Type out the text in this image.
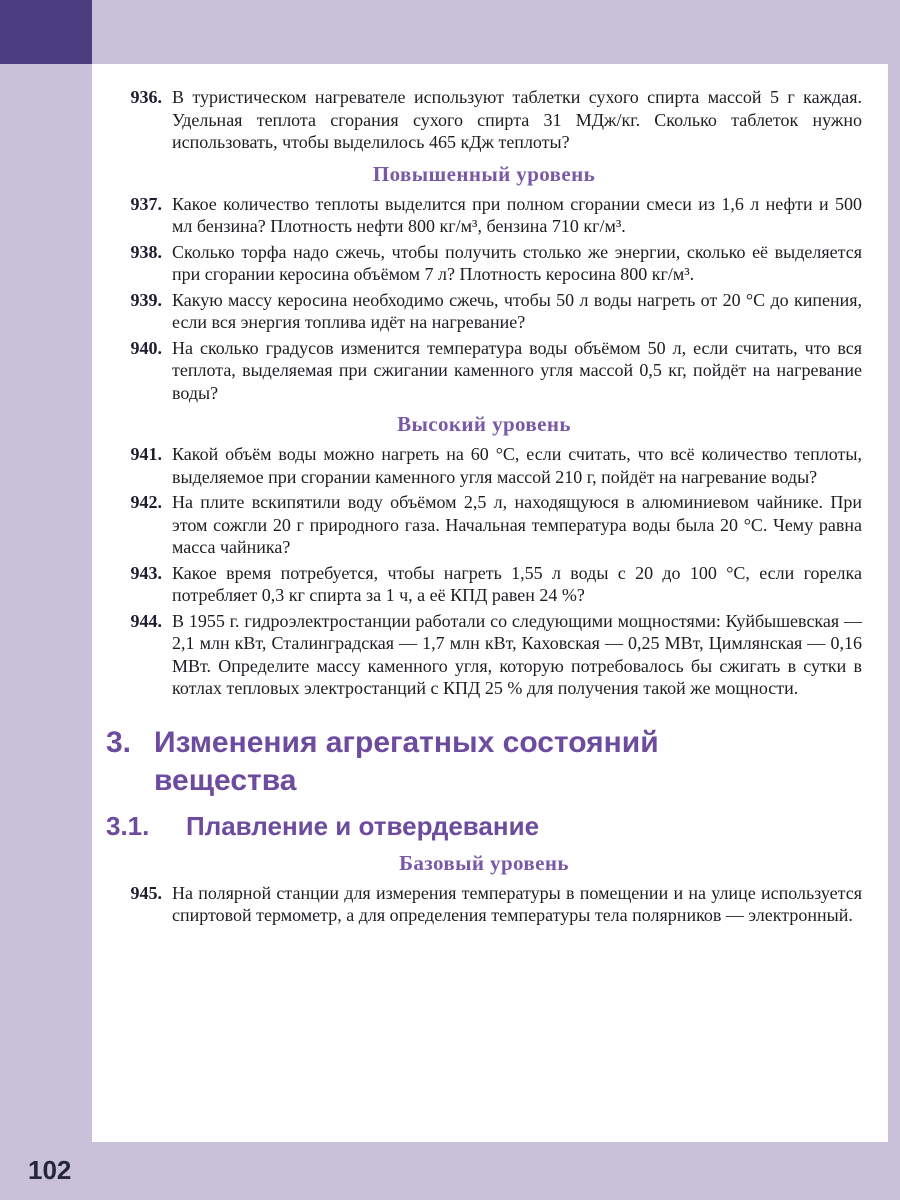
102
936. В туристическом нагревателе используют таблетки сухого спирта массой 5 г каждая. Удельная теплота сгорания сухого спирта 31 МДж/кг. Сколько таблеток нужно использовать, чтобы выделилось 465 кДж теплоты?
Повышенный уровень
937. Какое количество теплоты выделится при полном сгорании смеси из 1,6 л нефти и 500 мл бензина? Плотность нефти 800 кг/м³, бензина 710 кг/м³.
938. Сколько торфа надо сжечь, чтобы получить столько же энергии, сколько её выделяется при сгорании керосина объёмом 7 л? Плотность керосина 800 кг/м³.
939. Какую массу керосина необходимо сжечь, чтобы 50 л воды нагреть от 20 °С до кипения, если вся энергия топлива идёт на нагревание?
940. На сколько градусов изменится температура воды объёмом 50 л, если считать, что вся теплота, выделяемая при сжигании каменного угля массой 0,5 кг, пойдёт на нагревание воды?
Высокий уровень
941. Какой объём воды можно нагреть на 60 °С, если считать, что всё количество теплоты, выделяемое при сгорании каменного угля массой 210 г, пойдёт на нагревание воды?
942. На плите вскипятили воду объёмом 2,5 л, находящуюся в алюминиевом чайнике. При этом сожгли 20 г природного газа. Начальная температура воды была 20 °С. Чему равна масса чайника?
943. Какое время потребуется, чтобы нагреть 1,55 л воды с 20 до 100 °С, если горелка потребляет 0,3 кг спирта за 1 ч, а её КПД равен 24 %?
944. В 1955 г. гидроэлектростанции работали со следующими мощностями: Куйбышевская — 2,1 млн кВт, Сталинградская — 1,7 млн кВт, Каховская — 0,25 МВт, Цимлянская — 0,16 МВт. Определите массу каменного угля, которую потребовалось бы сжигать в сутки в котлах тепловых электростанций с КПД 25 % для получения такой же мощности.
3. Изменения агрегатных состояний вещества
3.1. Плавление и отвердевание
Базовый уровень
945. На полярной станции для измерения температуры в помещении и на улице используется спиртовой термометр, а для определения температуры тела полярников — электронный.
